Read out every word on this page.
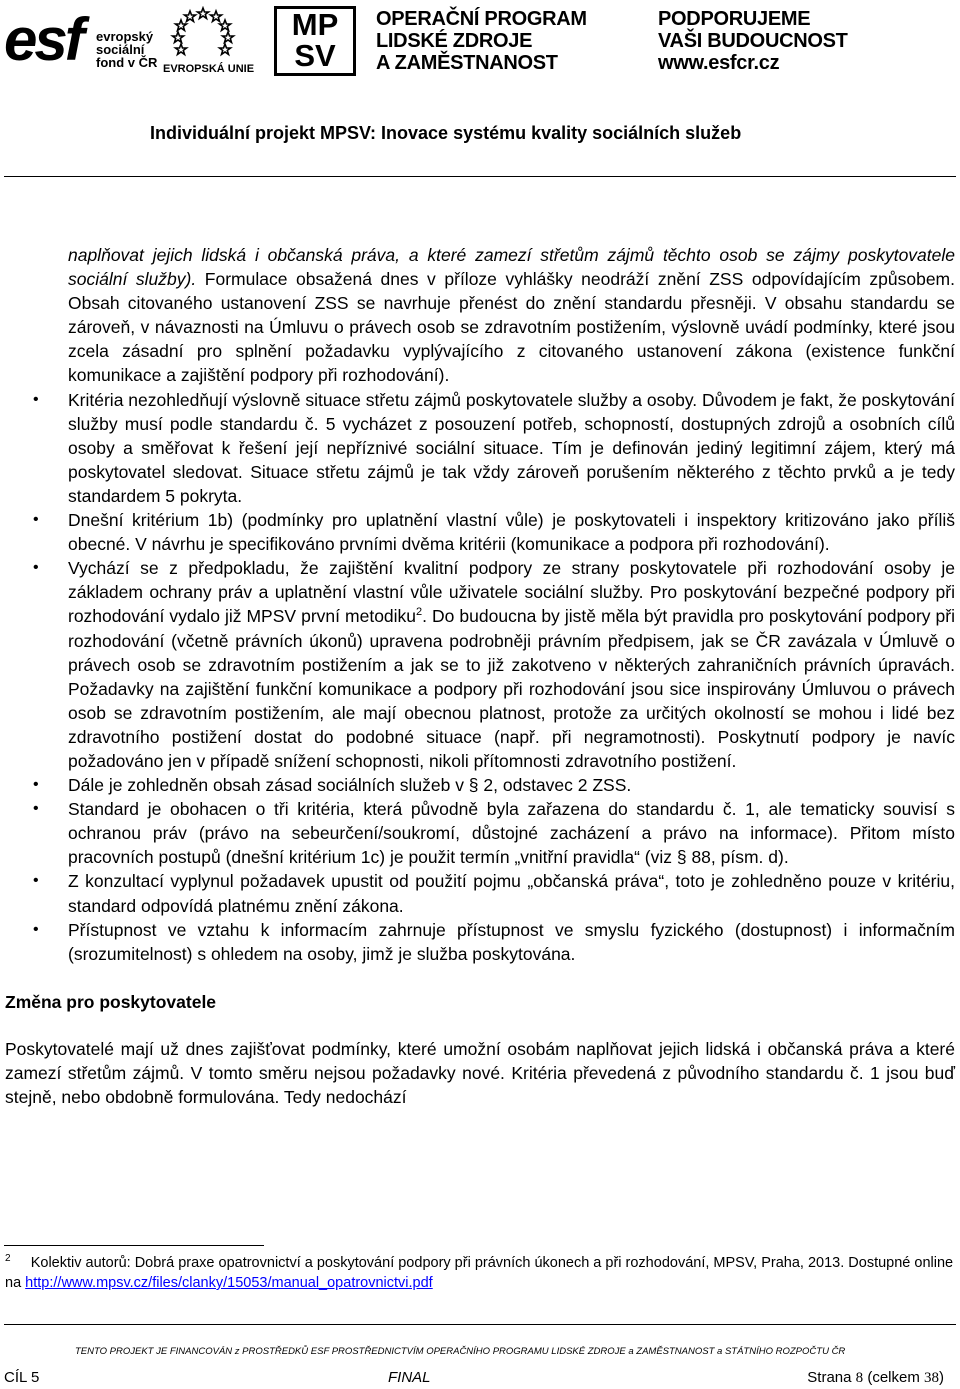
esf evropský
sociální
fond v ČR EVROPSKÁ UNIE
MP
SV
OPERAČNÍ PROGRAM
LIDSKÉ ZDROJE
A ZAMĚSTNANOST
PODPORUJEME
VAŠI BUDOUCNOST
www.esfcr.cz
Individuální projekt MPSV: Inovace systému kvality sociálních služeb
naplňovat jejich lidská i občanská práva, a které zamezí střetům zájmů těchto osob se zájmy poskytovatele sociální služby). Formulace obsažená dnes v příloze vyhlášky neodráží znění ZSS odpovídajícím způsobem. Obsah citovaného ustanovení ZSS se navrhuje přenést do znění standardu přesněji. V obsahu standardu se zároveň, v návaznosti na Úmluvu o právech osob se zdravotním postižením, výslovně uvádí podmínky, které jsou zcela zásadní pro splnění požadavku vyplývajícího z citovaného ustanovení zákona (existence funkční komunikace a zajištění podpory při rozhodování).
• Kritéria nezohledňují výslovně situace střetu zájmů poskytovatele služby a osoby. Důvodem je fakt, že poskytování služby musí podle standardu č. 5 vycházet z posouzení potřeb, schopností, dostupných zdrojů a osobních cílů osoby a směřovat k řešení její nepříznivé sociální situace. Tím je definován jediný legitimní zájem, který má poskytovatel sledovat. Situace střetu zájmů je tak vždy zároveň porušením některého z těchto prvků a je tedy standardem 5 pokryta.
• Dnešní kritérium 1b) (podmínky pro uplatnění vlastní vůle) je poskytovateli i inspektory kritizováno jako příliš obecné. V návrhu je specifikováno prvními dvěma kritérii (komunikace a podpora při rozhodování).
• Vychází se z předpokladu, že zajištění kvalitní podpory ze strany poskytovatele při rozhodování osoby je základem ochrany práv a uplatnění vlastní vůle uživatele sociální služby. Pro poskytování bezpečné podpory při rozhodování vydalo již MPSV první metodiku$^2$. Do budoucna by jistě měla být pravidla pro poskytování podpory při rozhodování (včetně právních úkonů) upravena podrobněji právním předpisem, jak se ČR zavázala v Úmluvě o právech osob se zdravotním postižením a jak se to již zakotveno v některých zahraničních právních úpravách. Požadavky na zajištění funkční komunikace a podpory při rozhodování jsou sice inspirovány Úmluvou o právech osob se zdravotním postižením, ale mají obecnou platnost, protože za určitých okolností se mohou i lidé bez zdravotního postižení dostat do podobné situace (např. při negramotnosti). Poskytnutí podpory je navíc požadováno jen v případě snížení schopnosti, nikoli přítomnosti zdravotního postižení.
• Dále je zohledněn obsah zásad sociálních služeb v § 2, odstavec 2 ZSS.
• Standard je obohacen o tři kritéria, která původně byla zařazena do standardu č. 1, ale tematicky souvisí s ochranou práv (právo na sebeurčení/soukromí, důstojné zacházení a právo na informace). Přitom místo pracovních postupů (dnešní kritérium 1c) je použit termín „vnitřní pravidla“ (viz § 88, písm. d).
• Z konzultací vyplynul požadavek upustit od použití pojmu „občanská práva“, toto je zohledněno pouze v kritériu, standard odpovídá platnému znění zákona.
• Přístupnost ve vztahu k informacím zahrnuje přístupnost ve smyslu fyzického (dostupnost) i informačním (srozumitelnost) s ohledem na osoby, jimž je služba poskytována.
Změna pro poskytovatele
Poskytovatelé mají už dnes zajišťovat podmínky, které umožní osobám naplňovat jejich lidská i občanská práva a které zamezí střetům zájmů. V tomto směru nejsou požadavky nové. Kritéria převedená z původního standardu č. 1 jsou buď stejně, nebo obdobně formulována. Tedy nedochází
$^2$ Kolektiv autorů: Dobrá praxe opatrovnictví a poskytování podpory při právních úkonech a při rozhodování, MPSV, Praha, 2013. Dostupné online na http://www.mpsv.cz/files/clanky/15053/manual_opatrovnictvi.pdf
TENTO PROJEKT JE FINANCOVÁN z PROSTŘEDKŮ ESF PROSTŘEDNICTVÍM OPERAČNÍHO PROGRAMU LIDSKÉ ZDROJE a ZAMĚSTNANOST a STÁTNÍHO ROZPOČTU ČR
CÍL 5	FINAL	Strana 8 (celkem 38)
